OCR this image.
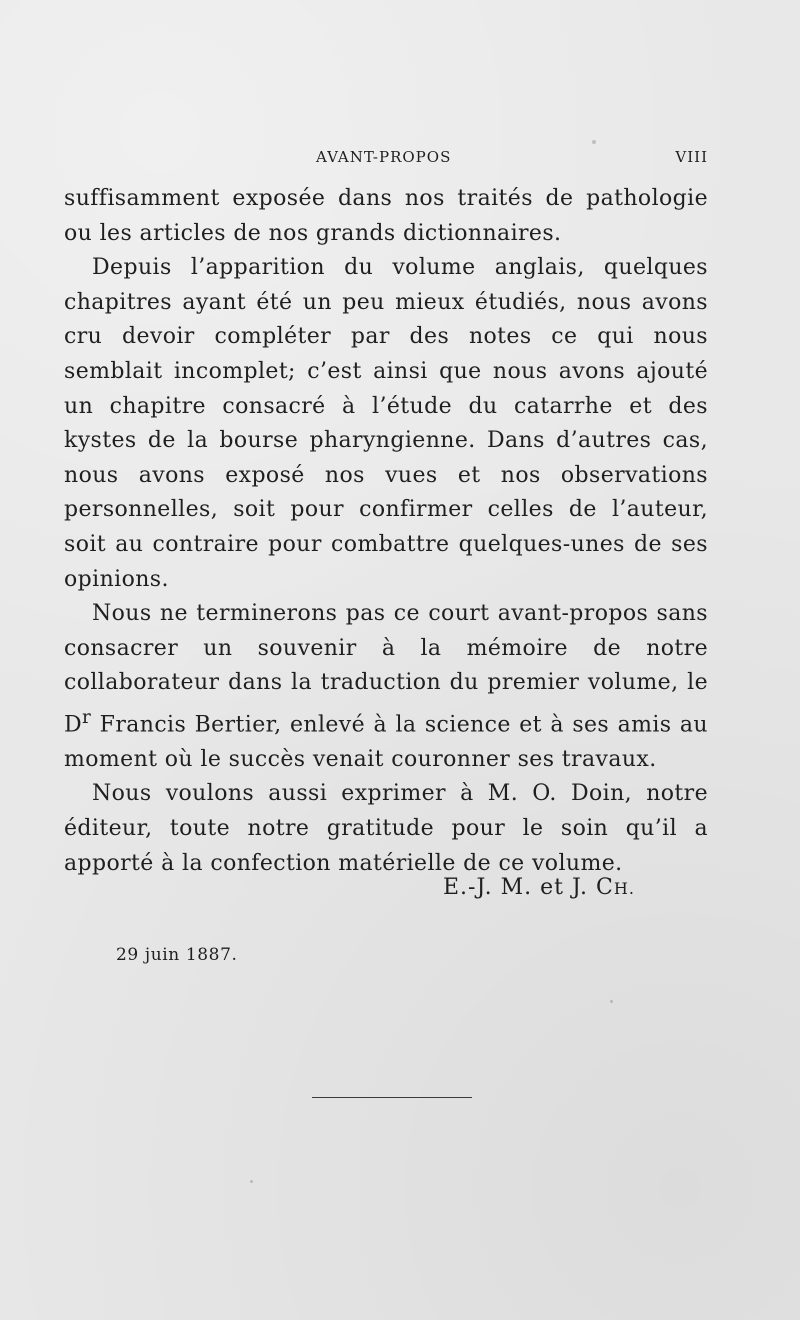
AVANT-PROPOS	VIII

suffisamment exposée dans nos traités de pathologie ou les articles de nos grands dictionnaires.

Depuis l’apparition du volume anglais, quelques chapitres ayant été un peu mieux étudiés, nous avons cru devoir compléter par des notes ce qui nous semblait incomplet; c’est ainsi que nous avons ajouté un chapitre consacré à l’étude du catarrhe et des kystes de la bourse pharyngienne. Dans d’autres cas, nous avons exposé nos vues et nos observations personnelles, soit pour confirmer celles de l’auteur, soit au contraire pour combattre quelques-unes de ses opinions.

Nous ne terminerons pas ce court avant-propos sans consacrer un souvenir à la mémoire de notre collaborateur dans la traduction du premier volume, le $D^r$ Francis Bertier, enlevé à la science et à ses amis au moment où le succès venait couronner ses travaux.

Nous voulons aussi exprimer à M. O. Doin, notre éditeur, toute notre gratitude pour le soin qu’il a apporté à la confection matérielle de ce volume.

E.-J. M. et J. CH.
29 juin 1887.
